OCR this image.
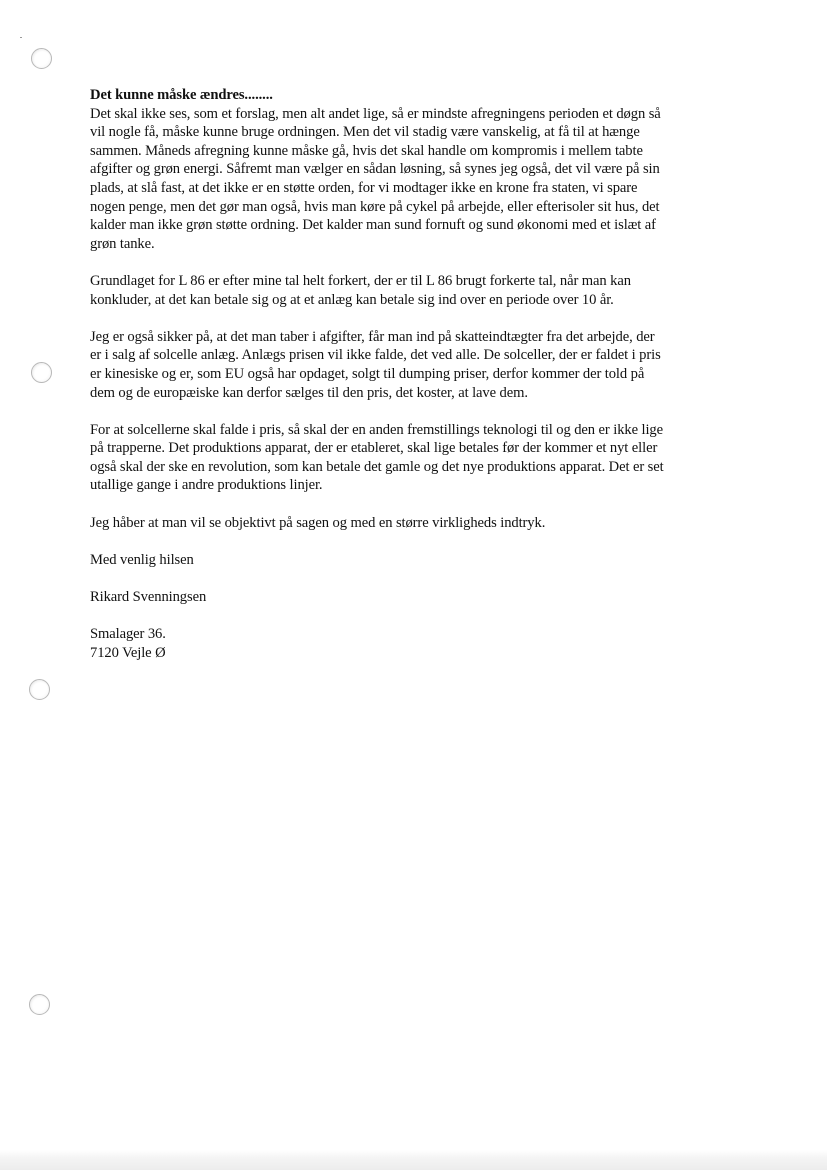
Det kunne måske ændres........

Det skal ikke ses, som et forslag, men alt andet lige, så er mindste afregningens perioden et døgn så
vil nogle få, måske kunne bruge ordningen. Men det vil stadig være vanskelig, at få til at hænge
sammen. Måneds afregning kunne måske gå, hvis det skal handle om kompromis i mellem tabte
afgifter og grøn energi. Såfremt man vælger en sådan løsning, så synes jeg også, det vil være på sin
plads, at slå fast, at det ikke er en støtte orden, for vi modtager ikke en krone fra staten, vi spare
nogen penge, men det gør man også, hvis man køre på cykel på arbejde, eller efterisoler sit hus, det
kalder man ikke grøn støtte ordning. Det kalder man sund fornuft og sund økonomi med et islæt af
grøn tanke.
Grundlaget for L 86 er efter mine tal helt forkert, der er til L 86 brugt forkerte tal, når man kan
konkluder, at det kan betale sig og at et anlæg kan betale sig ind over en periode over 10 år.
Jeg er også sikker på, at det man taber i afgifter, får man ind på skatteindtægter fra det arbejde, der
er i salg af solcelle anlæg. Anlægs prisen vil ikke falde, det ved alle. De solceller, der er faldet i pris
er kinesiske og er, som EU også har opdaget, solgt til dumping priser, derfor kommer der told på
dem og de europæiske kan derfor sælges til den pris, det koster, at lave dem.
For at solcellerne skal falde i pris, så skal der en anden fremstillings teknologi til og den er ikke lige
på trapperne. Det produktions apparat, der er etableret, skal lige betales før der kommer et nyt eller
også skal der ske en revolution, som kan betale det gamle og det nye produktions apparat. Det er set
utallige gange i andre produktions linjer.
Jeg håber at man vil se objektivt på sagen og med en større virkligheds indtryk.
Med venlig hilsen
Rikard Svenningsen
Smalager 36.
7120 Vejle Ø
